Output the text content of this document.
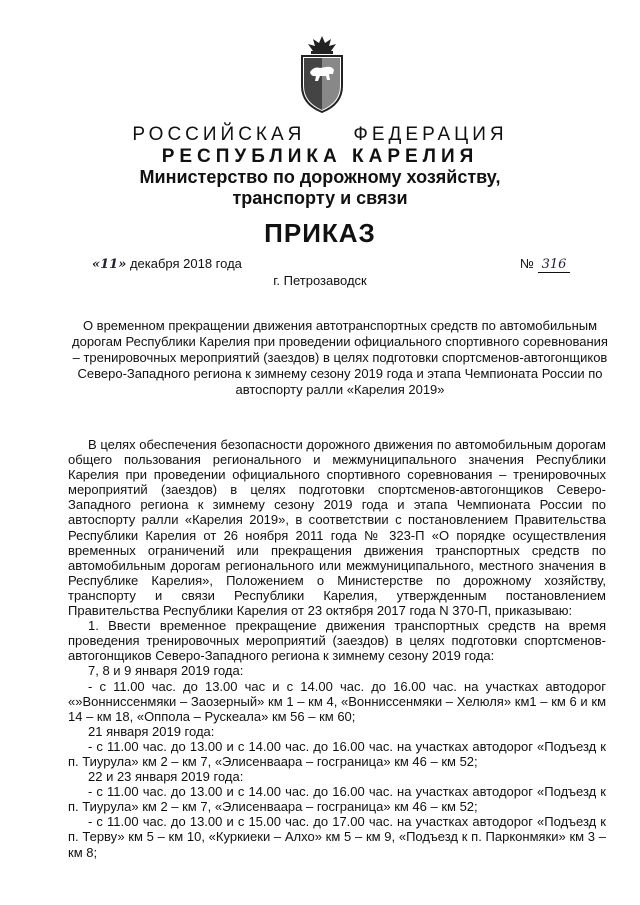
РОССИЙСКАЯ	ФЕДЕРАЦИЯ
РЕСПУБЛИКА КАРЕЛИЯ
Министерство по дорожному хозяйству,
транспорту и связи
ПРИКАЗ
«11» декабря 2018 года	№ 316
г. Петрозаводск
О временном прекращении движения автотранспортных средств по автомобильным дорогам Республики Карелия при проведении официального спортивного соревнования – тренировочных мероприятий (заездов) в целях подготовки спортсменов-автогонщиков Северо-Западного региона к зимнему сезону 2019 года и этапа Чемпионата России по автоспорту ралли «Карелия 2019»

В целях обеспечения безопасности дорожного движения по автомобильным дорогам общего пользования регионального и межмуниципального значения Республики Карелия при проведении официального спортивного соревнования – тренировочных мероприятий (заездов) в целях подготовки спортсменов-автогонщиков Северо-Западного региона к зимнему сезону 2019 года и этапа Чемпионата России по автоспорту ралли «Карелия 2019», в соответствии с постановлением Правительства Республики Карелия от 26 ноября 2011 года № 323-П «О порядке осуществления временных ограничений или прекращения движения транспортных средств по автомобильным дорогам регионального или межмуниципального, местного значения в Республике Карелия», Положением о Министерстве по дорожному хозяйству, транспорту и связи Республики Карелия, утвержденным постановлением Правительства Республики Карелия от 23 октября 2017 года N 370-П, приказываю:

1. Ввести временное прекращение движения транспортных средств на время проведения тренировочных мероприятий (заездов) в целях подготовки спортсменов-автогонщиков Северо-Западного региона к зимнему сезону 2019 года:

7, 8 и 9 января 2019 года:

- с 11.00 час. до 13.00 час и с 14.00 час. до 16.00 час. на участках автодорог «»Вонниссенмяки – Заозерный» км 1 – км 4, «Вонниссенмяки – Хелюля» км1 – км 6 и км 14 – км 18, «Оппола – Рускеала» км 56 – км 60;

21 января 2019 года:

- с 11.00 час. до 13.00 и с 14.00 час. до 16.00 час. на участках автодорог «Подъезд к п. Тиурула» км 2 – км 7, «Элисенваара – госграница» км 46 – км 52;

22 и 23 января 2019 года:

- с 11.00 час. до 13.00 и с 14.00 час. до 16.00 час. на участках автодорог «Подъезд к п. Тиурула» км 2 – км 7, «Элисенваара – госграница» км 46 – км 52;

- с 11.00 час. до 13.00 и с 15.00 час. до 17.00 час. на участках автодорог «Подъезд к п. Терву» км 5 – км 10, «Куркиеки – Алхо» км 5 – км 9, «Подъезд к п. Парконмяки» км 3 – км 8;
